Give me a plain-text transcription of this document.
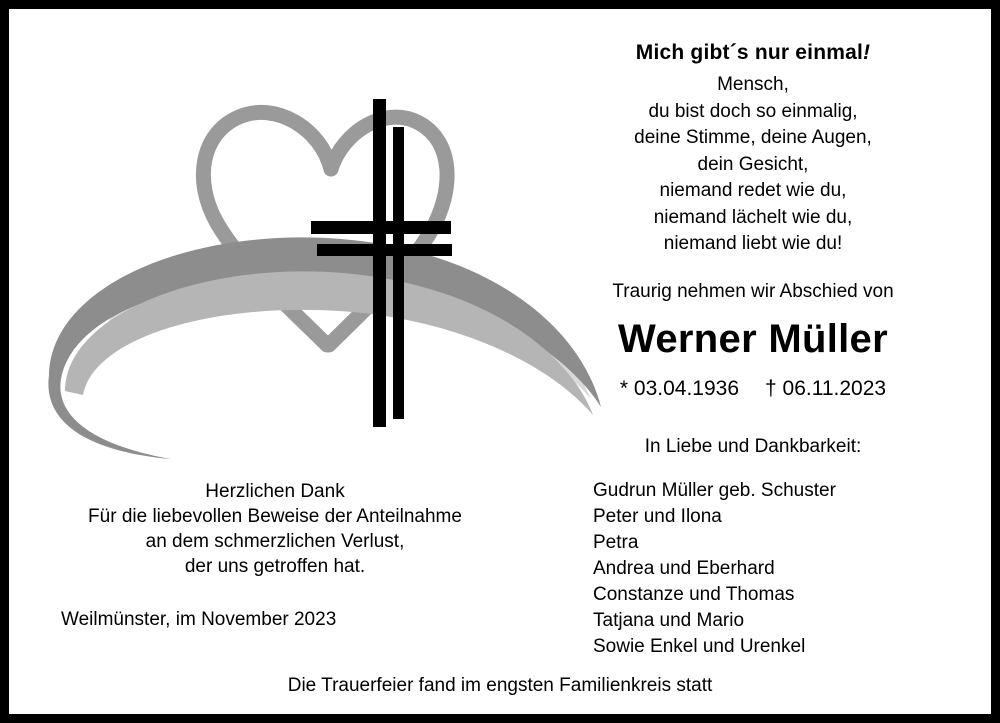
Mich gibt´s nur einmal!
Mensch,
du bist doch so einmalig,
deine Stimme, deine Augen,
dein Gesicht,
niemand redet wie du,
niemand lächelt wie du,
niemand liebt wie du!
Traurig nehmen wir Abschied von
Werner Müller
* 03.04.1936 † 06.11.2023
In Liebe und Dankbarkeit:
Gudrun Müller geb. Schuster
Peter und Ilona
Petra
Andrea und Eberhard
Constanze und Thomas
Tatjana und Mario
Sowie Enkel und Urenkel
Herzlichen Dank
Für die liebevollen Beweise der Anteilnahme
an dem schmerzlichen Verlust,
der uns getroffen hat.
Weilmünster, im November 2023
Die Trauerfeier fand im engsten Familienkreis statt
